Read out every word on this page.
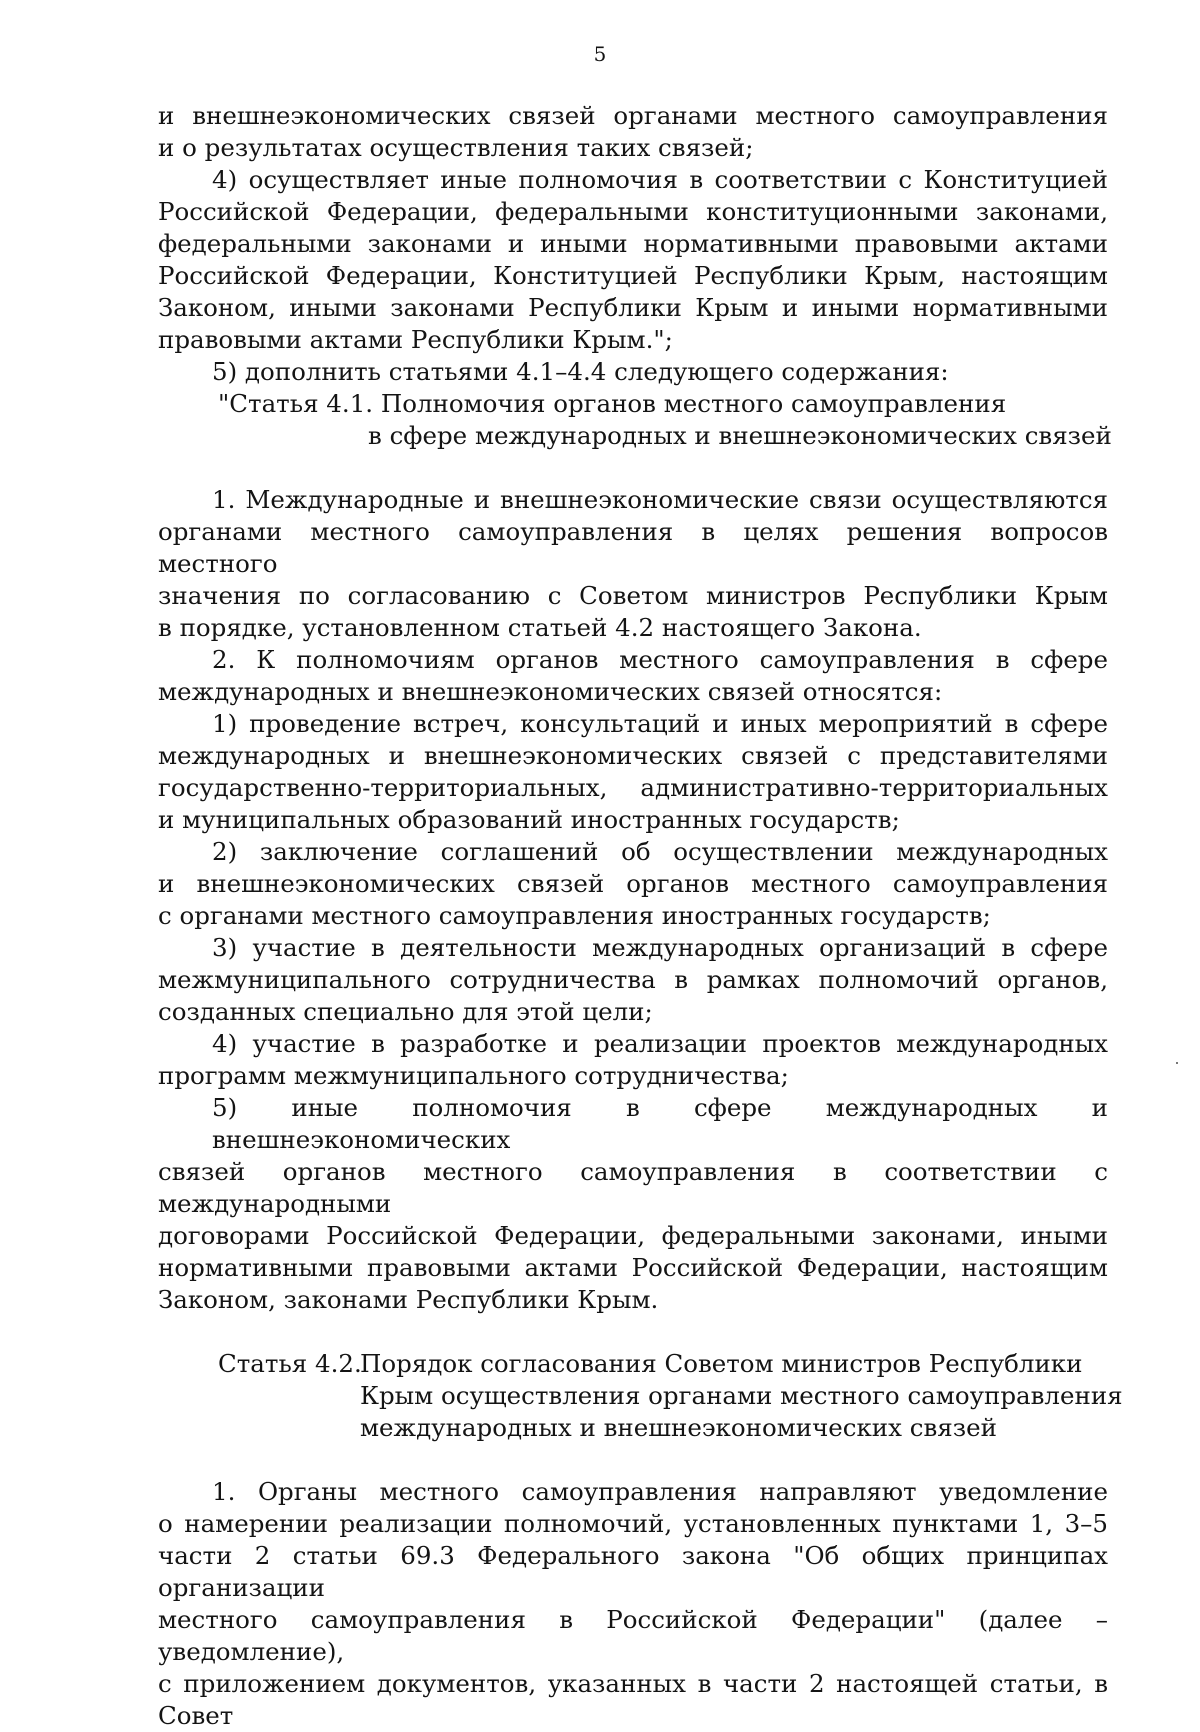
5

и внешнеэкономических связей органами местного самоуправления

и о результатах осуществления таких связей;

4) осуществляет иные полномочия в соответствии с Конституцией

Российской Федерации, федеральными конституционными законами,

федеральными законами и иными нормативными правовыми актами

Российской Федерации, Конституцией Республики Крым, настоящим

Законом, иными законами Республики Крым и иными нормативными

правовыми актами Республики Крым.";

5) дополнить статьями 4.1–4.4 следующего содержания:

"Статья 4.1. Полномочия органов местного самоуправления
в сфере международных и внешнеэкономических связей

1. Международные и внешнеэкономические связи осуществляются

органами местного самоуправления в целях решения вопросов местного

значения по согласованию с Советом министров Республики Крым

в порядке, установленном статьей 4.2 настоящего Закона.

2. К полномочиям органов местного самоуправления в сфере

международных и внешнеэкономических связей относятся:

1) проведение встреч, консультаций и иных мероприятий в сфере

международных и внешнеэкономических связей с представителями

государственно-территориальных, административно-территориальных

и муниципальных образований иностранных государств;

2) заключение соглашений об осуществлении международных

и внешнеэкономических связей органов местного самоуправления

с органами местного самоуправления иностранных государств;

3) участие в деятельности международных организаций в сфере

межмуниципального сотрудничества в рамках полномочий органов,

созданных специально для этой цели;

4) участие в разработке и реализации проектов международных

программ межмуниципального сотрудничества;

5) иные полномочия в сфере международных и внешнеэкономических

связей органов местного самоуправления в соответствии с международными

договорами Российской Федерации, федеральными законами, иными

нормативными правовыми актами Российской Федерации, настоящим

Законом, законами Республики Крым.

Статья 4.2.
Порядок согласования Советом министров Республики
Крым осуществления органами местного самоуправления
международных и внешнеэкономических связей

1. Органы местного самоуправления направляют уведомление

о намерении реализации полномочий, установленных пунктами 1, 3–5

части 2 статьи 69.3 Федерального закона "Об общих принципах организации

местного самоуправления в Российской Федерации" (далее – уведомление),

с приложением документов, указанных в части 2 настоящей статьи, в Совет
